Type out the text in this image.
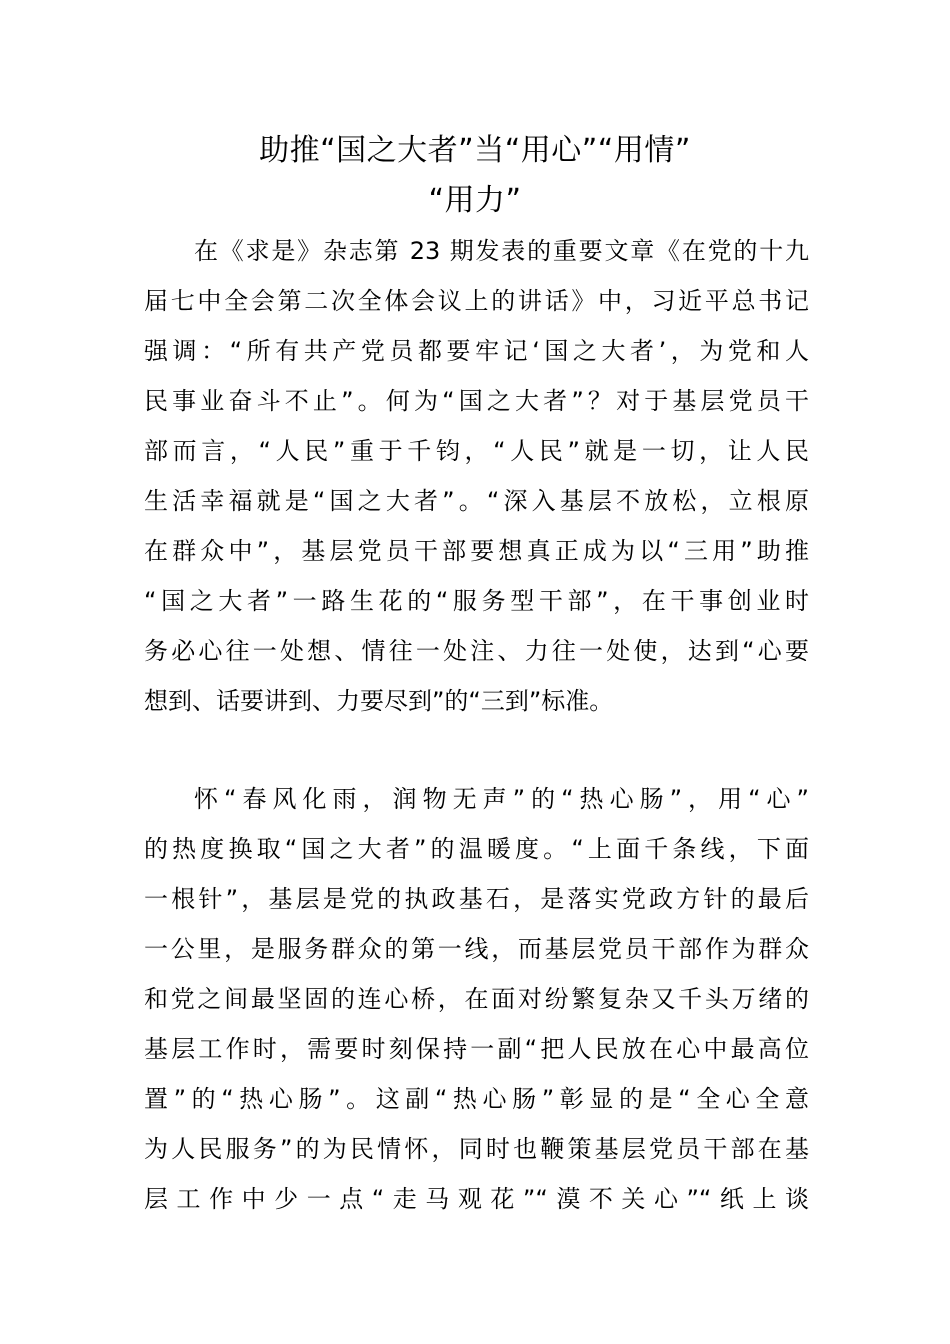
助推“国之大者”当“用心”“用情”
“用力”
在《求是》杂志第 23 期发表的重要文章《在党的十九
届七中全会第二次全体会议上的讲话》中，习近平总书记
强调：“所有共产党员都要牢记‘国之大者’，为党和人
民事业奋斗不止”。何为“国之大者”？对于基层党员干
部而言，“人民”重于千钧，“人民”就是一切，让人民
生活幸福就是“国之大者”。“深入基层不放松，立根原
在群众中”，基层党员干部要想真正成为以“三用”助推
“国之大者”一路生花的“服务型干部”，在干事创业时
务必心往一处想、情往一处注、力往一处使，达到“心要
想到、话要讲到、力要尽到”的“三到”标准。
怀“春风化雨，润物无声”的“热心肠”，用“心”
的热度换取“国之大者”的温暖度。“上面千条线，下面
一根针”，基层是党的执政基石，是落实党政方针的最后
一公里，是服务群众的第一线，而基层党员干部作为群众
和党之间最坚固的连心桥，在面对纷繁复杂又千头万绪的
基层工作时，需要时刻保持一副“把人民放在心中最高位
置”的“热心肠”。这副“热心肠”彰显的是“全心全意
为人民服务”的为民情怀，同时也鞭策基层党员干部在基
层工作中少一点“走马观花”“漠不关心”“纸上谈
